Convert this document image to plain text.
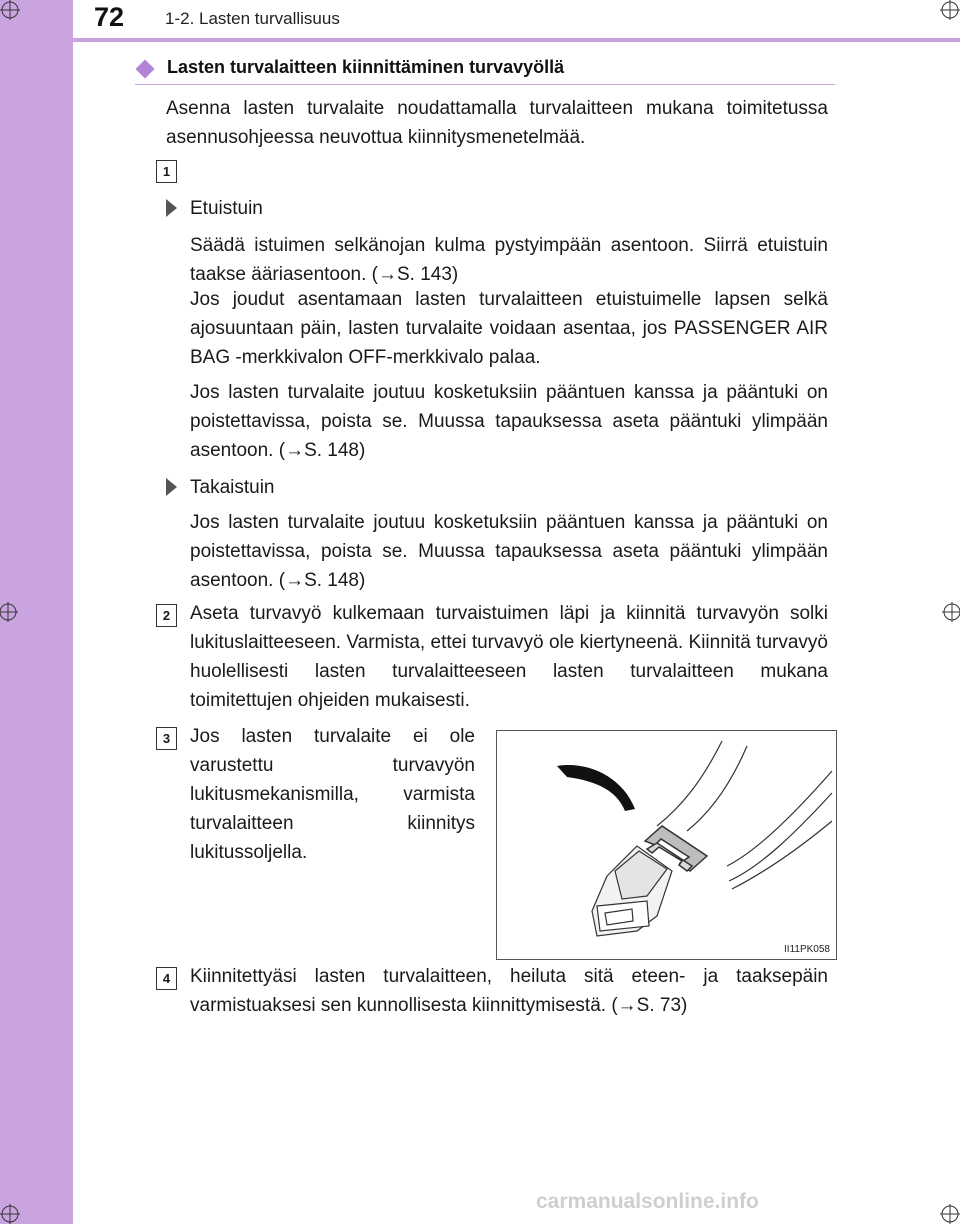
72 1-2. Lasten turvallisuus
Lasten turvalaitteen kiinnittäminen turvavyöllä
Asenna lasten turvalaite noudattamalla turvalaitteen mukana toimitetussa asennusohjeessa neuvottua kiinnitysmenetelmää.
1
Etuistuin
Säädä istuimen selkänojan kulma pystyimpään asentoon. Siirrä etuistuin taakse ääriasentoon. (→S. 143)
Jos joudut asentamaan lasten turvalaitteen etuistuimelle lapsen selkä ajosuuntaan päin, lasten turvalaite voidaan asentaa, jos PASSENGER AIR BAG -merkkivalon OFF-merkkivalo palaa.
Jos lasten turvalaite joutuu kosketuksiin pääntuen kanssa ja pääntuki on poistettavissa, poista se. Muussa tapauksessa aseta pääntuki ylimpään asentoon. (→S. 148)
Takaistuin
Jos lasten turvalaite joutuu kosketuksiin pääntuen kanssa ja pääntuki on poistettavissa, poista se. Muussa tapauksessa aseta pääntuki ylimpään asentoon. (→S. 148)
2	Aseta turvavyö kulkemaan turvaistuimen läpi ja kiinnitä turvavyön solki lukituslaitteeseen. Varmista, ettei turvavyö ole kiertyneenä. Kiinnitä turvavyö huolellisesti lasten turvalaitteeseen lasten turvalaitteen mukana toimitettujen ohjeiden mukaisesti.
3	Jos lasten turvalaite ei ole varustettu turvavyön lukitusmekanismilla, varmista turvalaitteen kiinnitys lukitussoljella.
II11PK058
4	Kiinnitettyäsi lasten turvalaitteen, heiluta sitä eteen- ja taaksepäin varmistuaksesi sen kunnollisesta kiinnittymisestä. (→S. 73)
carmanualsonline.info
